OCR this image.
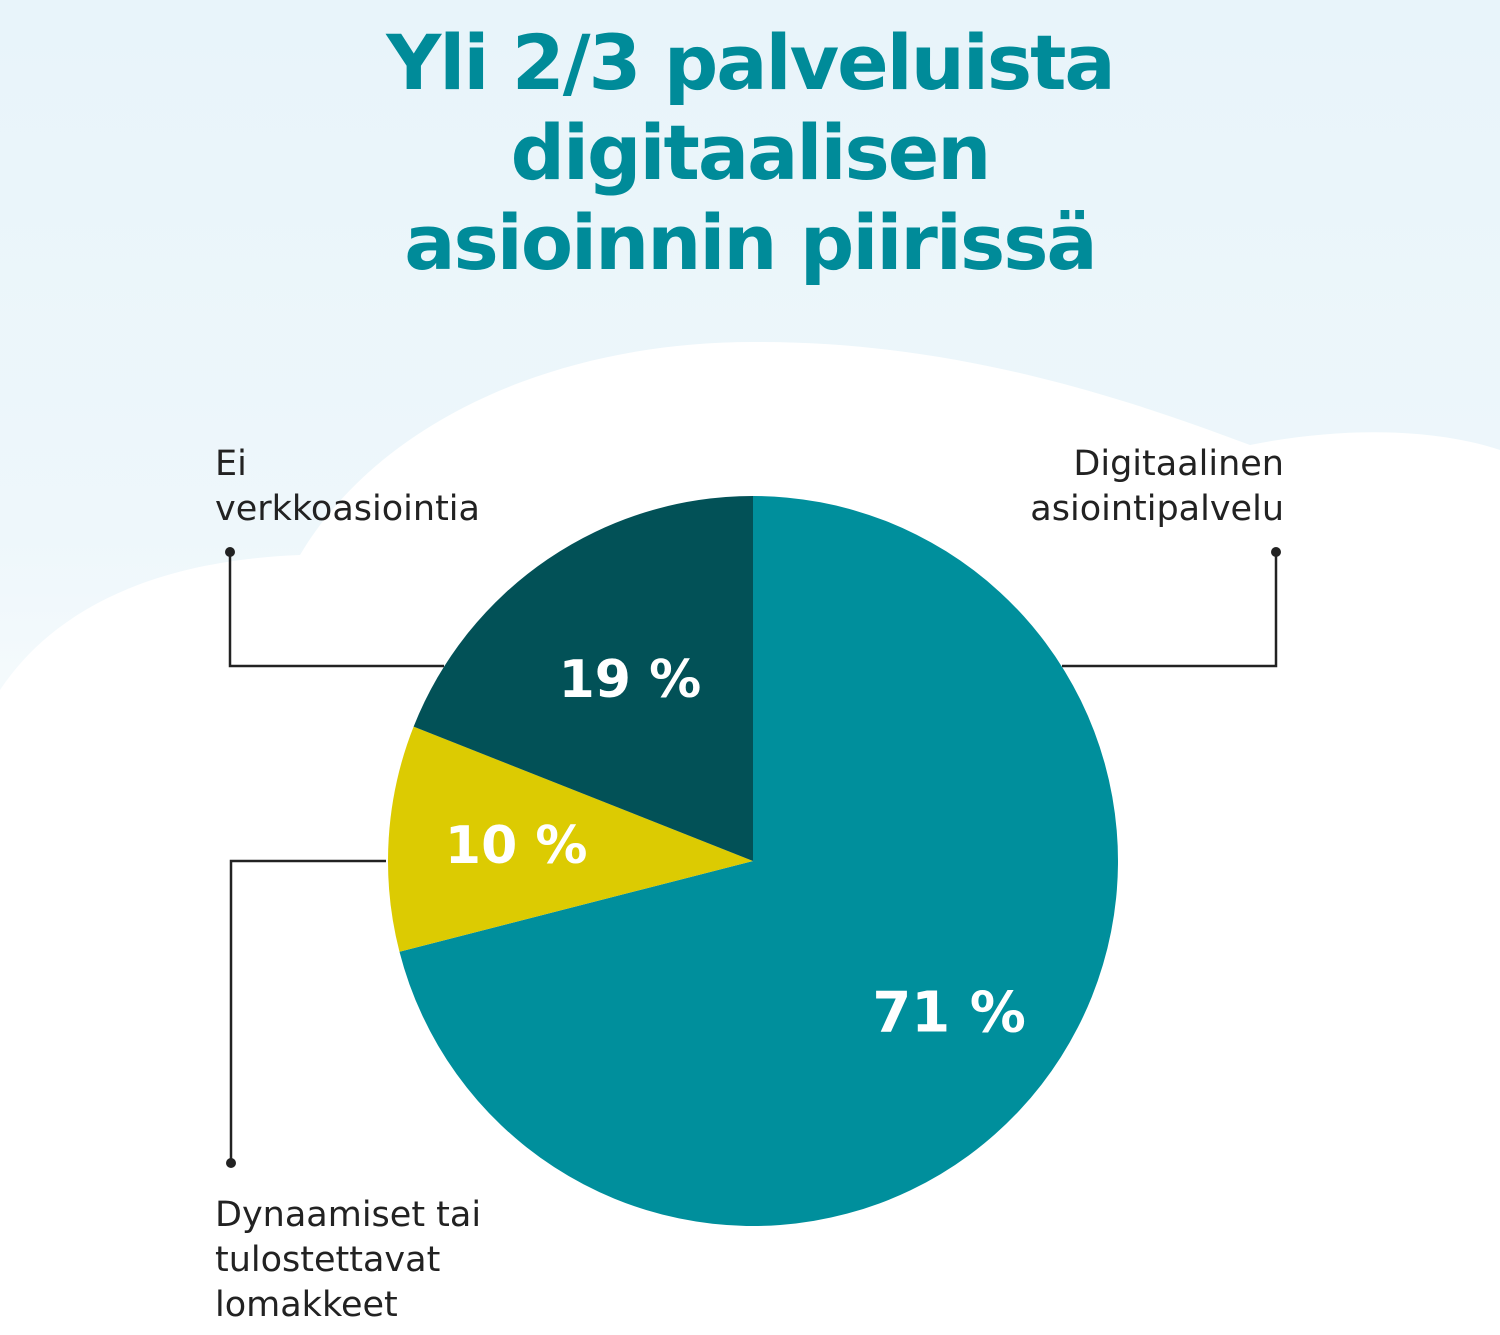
Yli 2/3 palveluista
digitaalisen
asioinnin piirissä
71 %
10 %
19 %
Ei
verkkoasiointia
Digitaalinen
asiointipalvelu
Dynaamiset tai
tulostettavat
lomakkeet
